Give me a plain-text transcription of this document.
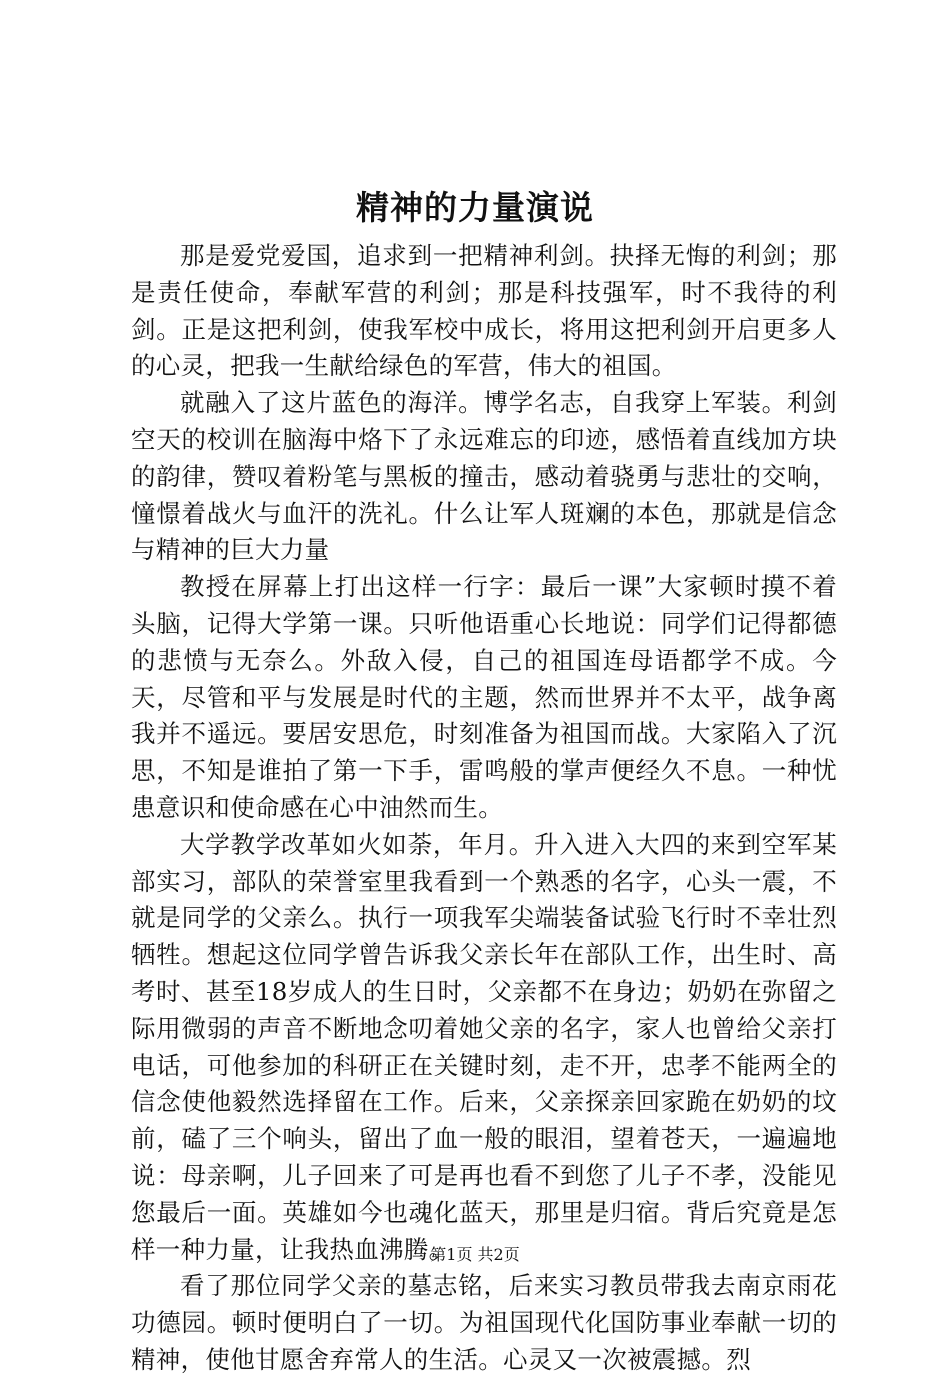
精神的力量演说

那是爱党爱国，追求到一把精神利剑。抉择无悔的利剑；那是责任使命，奉献军营的利剑；那是科技强军，时不我待的利剑。正是这把利剑，使我军校中成长，将用这把利剑开启更多人的心灵，把我一生献给绿色的军营，伟大的祖国。

就融入了这片蓝色的海洋。博学名志，自我穿上军装。利剑空天的校训在脑海中烙下了永远难忘的印迹，感悟着直线加方块的韵律，赞叹着粉笔与黑板的撞击，感动着骁勇与悲壮的交响，憧憬着战火与血汗的洗礼。什么让军人斑斓的本色，那就是信念与精神的巨大力量

教授在屏幕上打出这样一行字：最后一课”大家顿时摸不着头脑，记得大学第一课。只听他语重心长地说：同学们记得都德的悲愤与无奈么。外敌入侵，自己的祖国连母语都学不成。今天，尽管和平与发展是时代的主题，然而世界并不太平，战争离我并不遥远。要居安思危，时刻准备为祖国而战。大家陷入了沉思，不知是谁拍了第一下手，雷鸣般的掌声便经久不息。一种忧患意识和使命感在心中油然而生。

大学教学改革如火如荼，年月。升入进入大四的来到空军某部实习，部队的荣誉室里我看到一个熟悉的名字，心头一震，不就是同学的父亲么。执行一项我军尖端装备试验飞行时不幸壮烈牺牲。想起这位同学曾告诉我父亲长年在部队工作，出生时、高考时、甚至18岁成人的生日时，父亲都不在身边；奶奶在弥留之际用微弱的声音不断地念叨着她父亲的名字，家人也曾给父亲打电话，可他参加的科研正在关键时刻，走不开，忠孝不能两全的信念使他毅然选择留在工作。后来，父亲探亲回家跪在奶奶的坟前，磕了三个响头，留出了血一般的眼泪，望着苍天，一遍遍地说：母亲啊，儿子回来了可是再也看不到您了儿子不孝，没能见您最后一面。英雄如今也魂化蓝天，那里是归宿。背后究竟是怎样一种力量，让我热血沸腾。

看了那位同学父亲的墓志铭，后来实习教员带我去南京雨花功德园。顿时便明白了一切。为祖国现代化国防事业奉献一切的精神，使他甘愿舍弃常人的生活。心灵又一次被震撼。烈

第1页 共2页
